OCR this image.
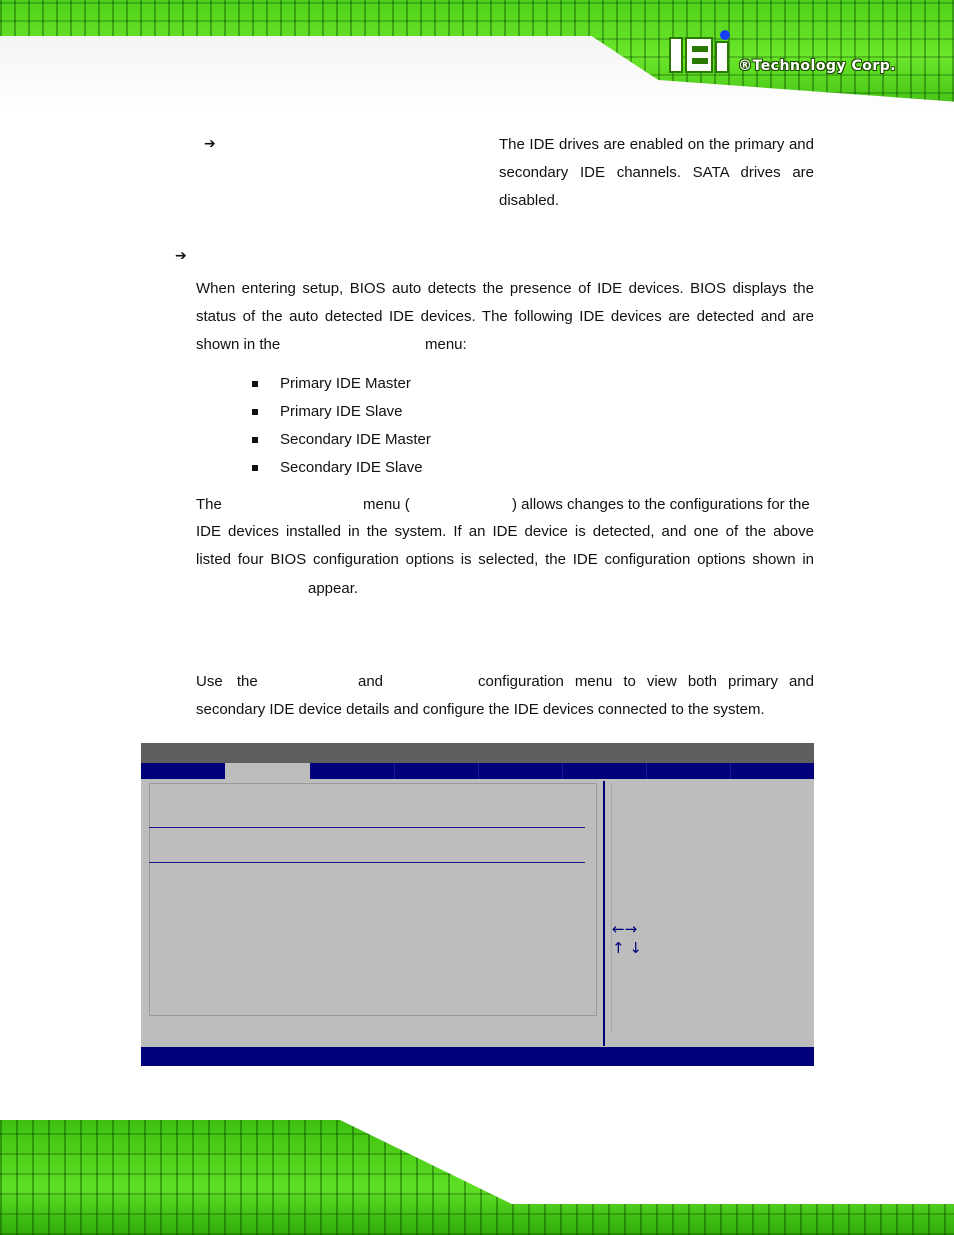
®Technology Corp.
➔	The IDE drives are enabled on the primary and secondary IDE channels. SATA drives are disabled.
➔
When entering setup, BIOS auto detects the presence of IDE devices. BIOS displays the status of the auto detected IDE devices. The following IDE devices are detected and are shown in the	menu:
Primary IDE Master
Primary IDE Slave
Secondary IDE Master
Secondary IDE Slave
The	menu (	) allows changes to the configurations for the
IDE devices installed in the system. If an IDE device is detected, and one of the above
listed four BIOS configuration options is selected, the IDE configuration options shown in
appear.
Use the	and	configuration menu to view both primary and
secondary IDE device details and configure the IDE devices connected to the system.
←→
↑ ↓
